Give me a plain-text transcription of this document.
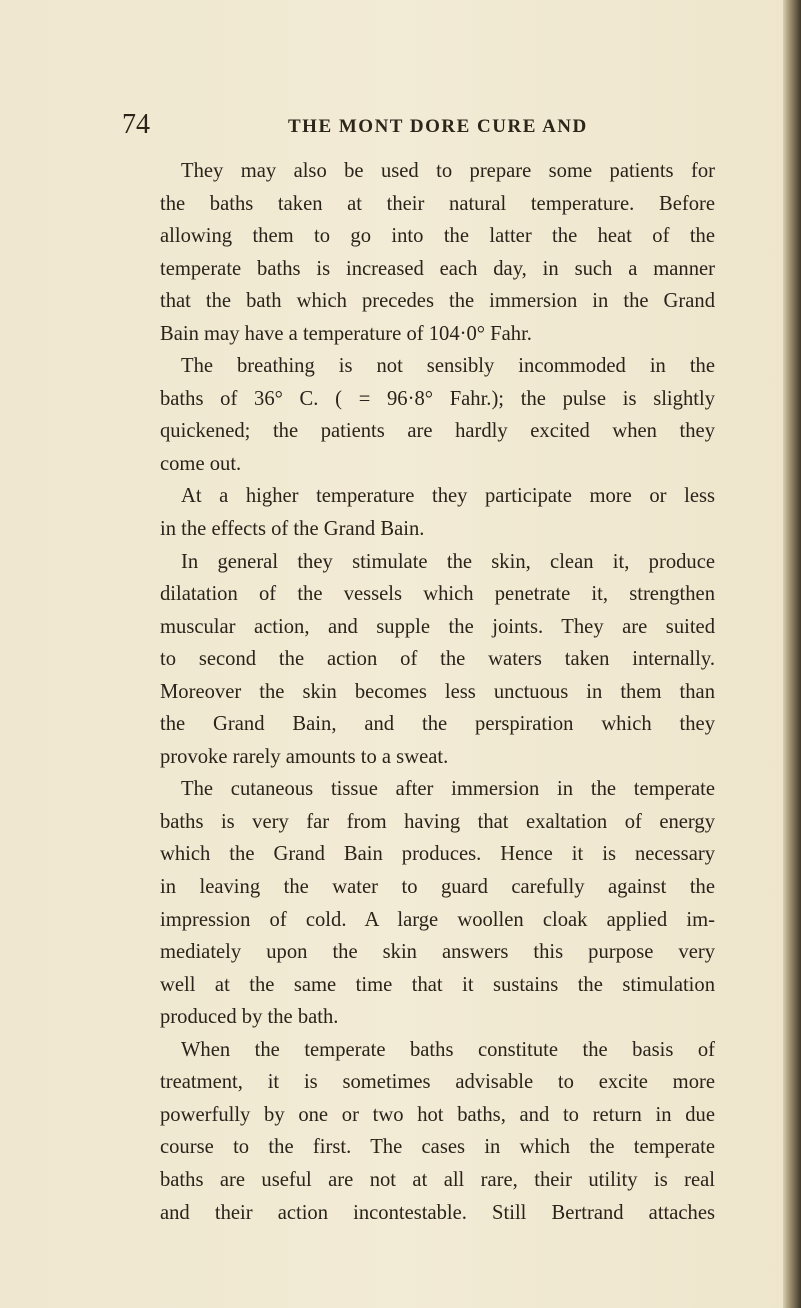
74	THE MONT DORE CURE AND
They may also be used to prepare some patients for
the baths taken at their natural temperature. Before
allowing them to go into the latter the heat of the
temperate baths is increased each day, in such a manner
that the bath which precedes the immersion in the Grand
Bain may have a temperature of 104·0° Fahr.
The breathing is not sensibly incommoded in the
baths of 36° C. ( = 96·8° Fahr.); the pulse is slightly
quickened; the patients are hardly excited when they
come out.
At a higher temperature they participate more or less
in the effects of the Grand Bain.
In general they stimulate the skin, clean it, produce
dilatation of the vessels which penetrate it, strengthen
muscular action, and supple the joints. They are suited
to second the action of the waters taken internally.
Moreover the skin becomes less unctuous in them than
the Grand Bain, and the perspiration which they
provoke rarely amounts to a sweat.
The cutaneous tissue after immersion in the temperate
baths is very far from having that exaltation of energy
which the Grand Bain produces. Hence it is necessary
in leaving the water to guard carefully against the
impression of cold. A large woollen cloak applied im-
mediately upon the skin answers this purpose very
well at the same time that it sustains the stimulation
produced by the bath.
When the temperate baths constitute the basis of
treatment, it is sometimes advisable to excite more
powerfully by one or two hot baths, and to return in due
course to the first. The cases in which the temperate
baths are useful are not at all rare, their utility is real
and their action incontestable. Still Bertrand attaches
